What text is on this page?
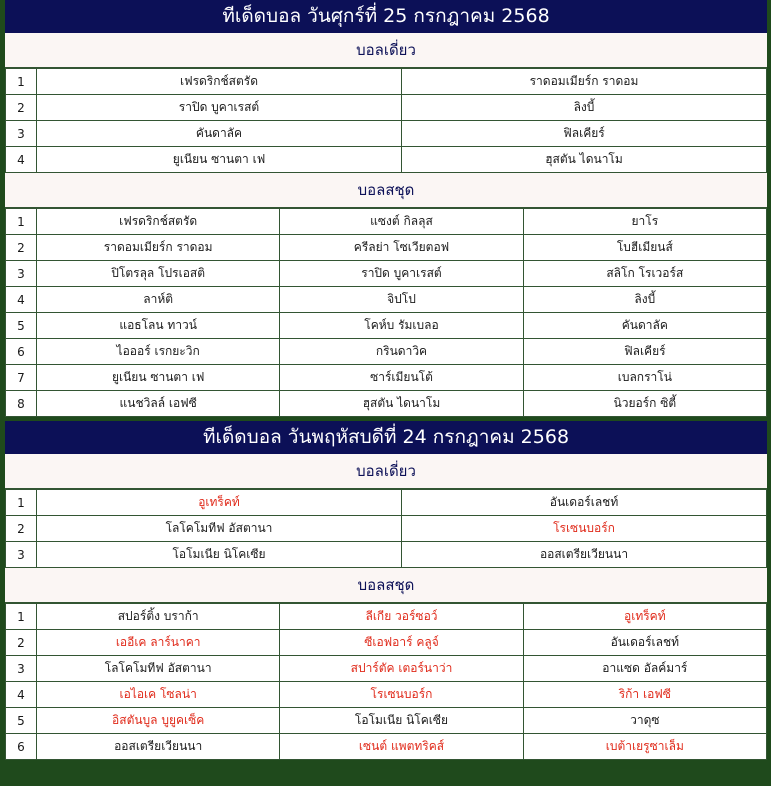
ทีเด็ดบอล วันศุกร์ที่ 25 กรกฎาคม 2568
บอลเดี่ยว
1	เฟรดริกช์สตรัด	ราดอมเมียร์ก ราดอม
2	ราปิด บูคาเรสต์	ลิงบี้
3	คันดาลัค	ฟิลเคียร์
4	ยูเนียน ซานตา เฟ	ฮุสตัน ไดนาโม
บอลสชุด
1	เฟรดริกช์สตรัด	แซงต์ กิลลุส	ยาโร
2	ราดอมเมียร์ก ราดอม	ครีลย่า โซเวียตอฟ	โบฮีเมียนส์
3	ปิโตรลุล โปรเอสติ	ราปิด บูคาเรสต์	สลิโก โรเวอร์ส
4	ลาห์ติ	จิปโป	ลิงบี้
5	แอธโลน ทาวน์	โคห์บ รัมเบลอ	คันดาลัค
6	ไอออร์ เรกยะวิก	กรินดาวิค	ฟิลเคียร์
7	ยูเนียน ซานตา เฟ	ซาร์เมียนโต้	เบลกราโน่
8	แนชวิลล์ เอฟซี	ฮุสตัน ไดนาโม	นิวยอร์ก ซิตี้
ทีเด็ดบอล วันพฤหัสบดีที่ 24 กรกฎาคม 2568
บอลเดี่ยว
1	อูเทร็คท์	อันเดอร์เลชท์
2	โลโคโมทีฟ อัสตานา	โรเซนบอร์ก
3	โอโมเนีย นิโคเซีย	ออสเตรียเวียนนา
บอลสชุด
1	สปอร์ติ้ง บราก้า	ลีเกีย วอร์ซอว์	อูเทร็คท์
2	เออีเค ลาร์นาคา	ซีเอฟอาร์ คลูจ์	อันเดอร์เลชท์
3	โลโคโมทีฟ อัสตานา	สปาร์ตัค เตอร์นาว่า	อาแซด อัลค์มาร์
4	เอไอเค โซลน่า	โรเซนบอร์ก	ริก้า เอฟซี
5	อิสตันบูล บูยูคเซ็ค	โอโมเนีย นิโคเซีย	วาดุซ
6	ออสเตรียเวียนนา	เซนต์ แพตทริคส์	เบต้าเยรูซาเล็ม
